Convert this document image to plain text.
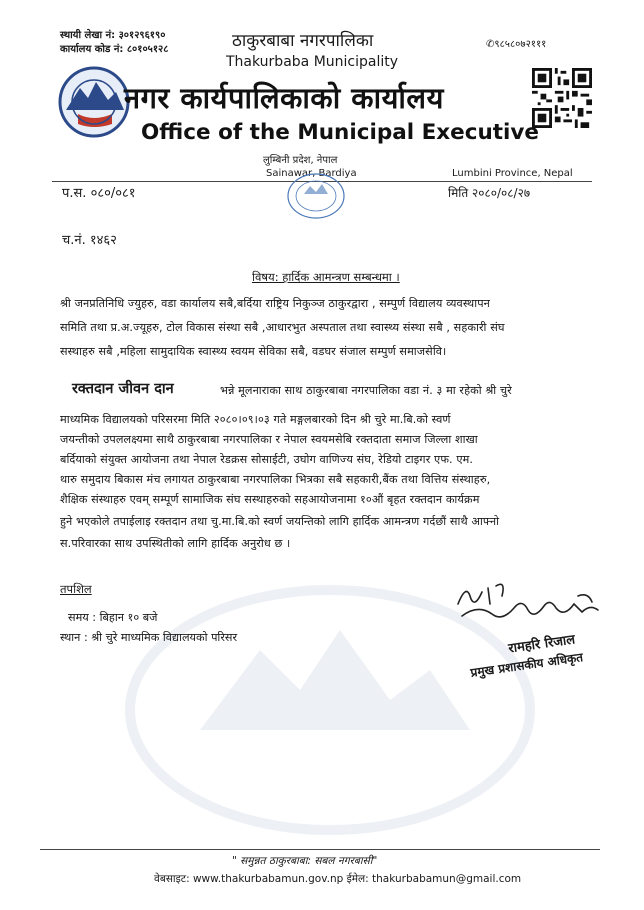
स्थायी लेखा नं: ३०१२९६१९०
कार्यालय कोड नं: ८०१०५१२८	ठाकुरबाबा नगरपालिका
Thakurbaba Municipality
✆९८५८०७२१११
नगर कार्यपालिकाको कार्यालय
Office of the Municipal Executive
लुम्बिनी प्रदेश, नेपाल
Sainawar, Bardiya	Lumbini Province, Nepal
प.स. ०८०/०८१	मिति २०८०/०८/२७
च.नं. १४६२
विषय: हार्दिक आमन्त्रण सम्बन्धमा ।
श्री जनप्रतिनिधि ज्युहरु, वडा कार्यालय सबै,बर्दिया राष्ट्रिय निकुञ्ज ठाकुरद्वारा , सम्पुर्ण विद्यालय व्यवस्थापन
समिति तथा प्र.अ.ज्यूहरु, टोल विकास संस्था सबै ,आधारभुत अस्पताल तथा स्वास्थ्य संस्था सबै , सहकारी संघ
सस्थाहरु सबै ,महिला सामुदायिक स्वास्थ्य स्वयम सेविका सबै, वडघर संजाल सम्पुर्ण समाजसेवि।
रक्तदान जीवन दान	भन्ने मूलनाराका साथ ठाकुरबाबा नगरपालिका वडा नं. ३ मा रहेको श्री चुरे
माध्यमिक विद्यालयको परिसरमा मिति २०८०।०९।०३ गते मङ्गलबारको दिन श्री चुरे मा.बि.को स्वर्ण
जयन्तीको उपललक्ष्यमा साथै ठाकुरबाबा नगरपालिका र नेपाल स्वयमसेबि रक्तदाता समाज जिल्ला शाखा
बर्दियाको संयुक्त आयोजना तथा नेपाल रेडक्रस सोसाईटी, उघोग वाणिज्य संघ, रेडियो टाइगर एफ. एम.
थारु समुदाय बिकास मंच लगायत ठाकुरबाबा नगरपालिका भित्रका सबै सहकारी,बैंक तथा वित्तिय संस्थाहरु,
शैक्षिक संस्थाहरु एवम् सम्पूर्ण सामाजिक संघ सस्थाहरुको सहआयोजनामा १०औं बृहत रक्तदान कार्यक्रम
हुने भएकोले तपाईलाइ रक्तदान तथा चु.मा.बि.को स्वर्ण जयन्तिको लागि हार्दिक आमन्त्रण गर्दछौं साथै आफ्नो
स.परिवारका साथ उपस्थितीको लागि हार्दिक अनुरोध छ ।
तपशिल
समय : बिहान १० बजे
स्थान : श्री चुरे माध्यमिक विद्यालयको परिसर	रामहरि रिजाल
प्रमुख प्रशासकीय अधिकृत
" समुन्नत ठाकुरबाबा: सबल नगरबासी"
वेबसाइट: www.thakurbabamun.gov.np ईमेल: thakurbabamun@gmail.com
